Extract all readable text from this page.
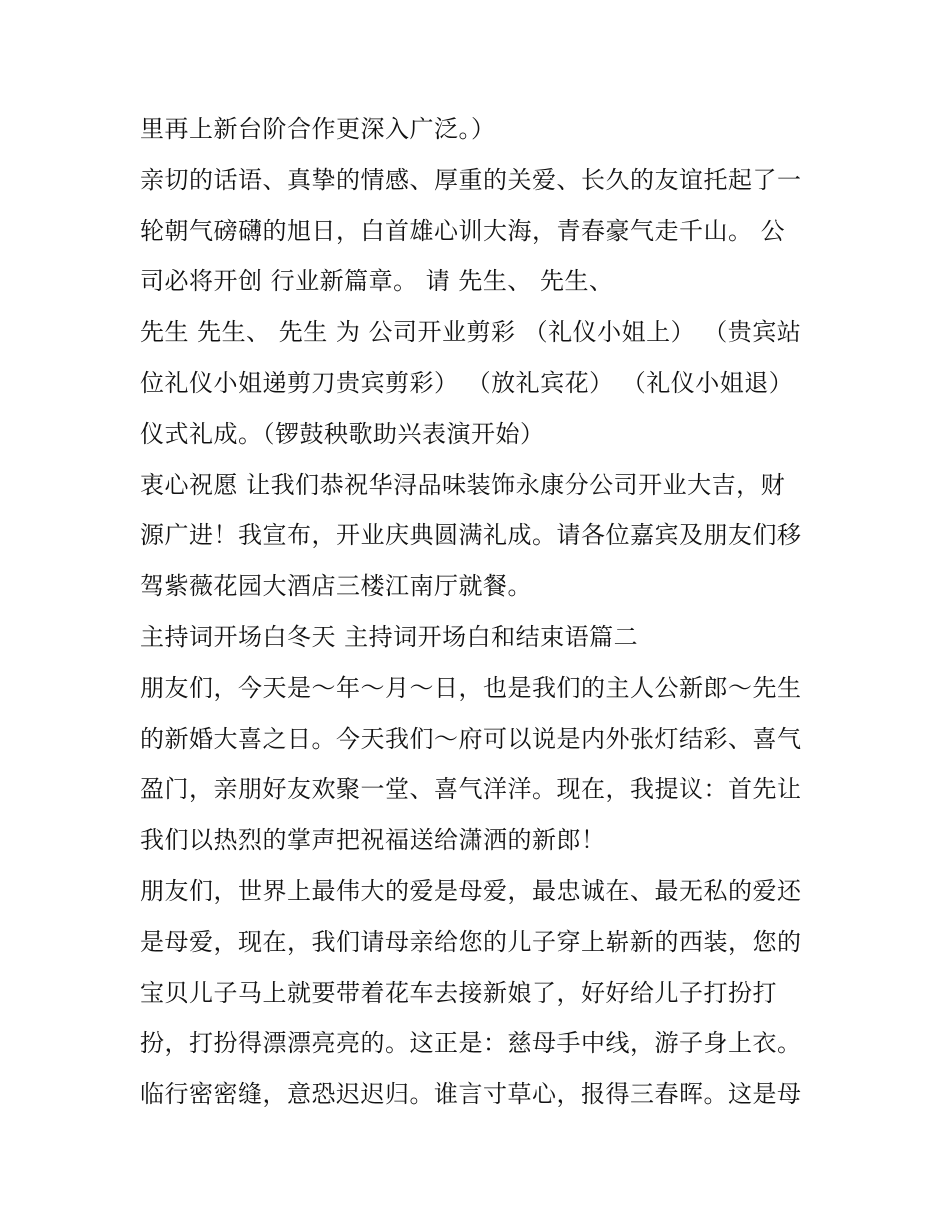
里再上新台阶合作更深入广泛。）
亲切的话语、真挚的情感、厚重的关爱、长久的友谊托起了一
轮朝气磅礴的旭日，白首雄心训大海，青春豪气走千山。 公
司必将开创 行业新篇章。 请 先生、 先生、
先生 先生、 先生 为 公司开业剪彩 （礼仪小姐上） （贵宾站
位礼仪小姐递剪刀贵宾剪彩） （放礼宾花） （礼仪小姐退）
仪式礼成。（锣鼓秧歌助兴表演开始）
衷心祝愿 让我们恭祝华浔品味装饰永康分公司开业大吉，财
源广进！我宣布，开业庆典圆满礼成。请各位嘉宾及朋友们移
驾紫薇花园大酒店三楼江南厅就餐。
主持词开场白冬天 主持词开场白和结束语篇二
朋友们，今天是～年～月～日，也是我们的主人公新郎～先生
的新婚大喜之日。今天我们～府可以说是内外张灯结彩、喜气
盈门，亲朋好友欢聚一堂、喜气洋洋。现在，我提议：首先让
我们以热烈的掌声把祝福送给潇洒的新郎！
朋友们，世界上最伟大的爱是母爱，最忠诚在、最无私的爱还
是母爱，现在，我们请母亲给您的儿子穿上崭新的西装，您的
宝贝儿子马上就要带着花车去接新娘了，好好给儿子打扮打
扮，打扮得漂漂亮亮的。这正是：慈母手中线，游子身上衣。
临行密密缝，意恐迟迟归。谁言寸草心，报得三春晖。这是母
